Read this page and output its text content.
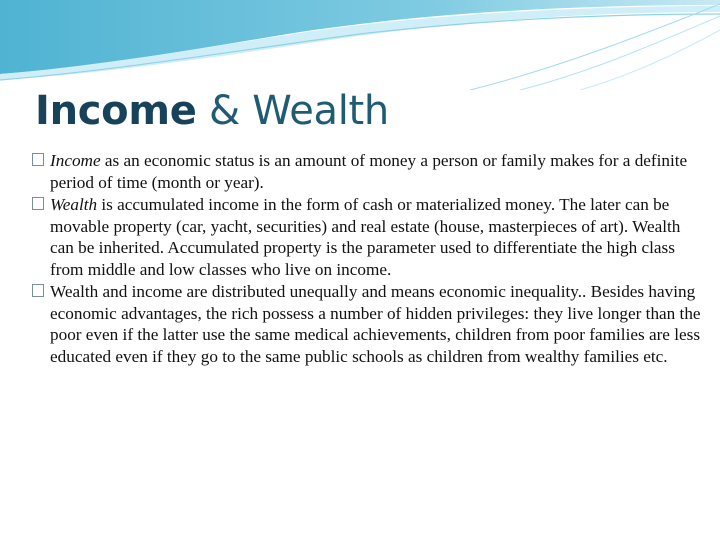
Income & Wealth

Income as an economic status is an amount of money a person or family makes for a definite period of time (month or year).

Wealth is accumulated income in the form of cash or materialized money. The later can be movable property (car, yacht, securities) and real estate (house, masterpieces of art). Wealth can be inherited. Accumulated property is the parameter used to differentiate the high class from middle and low classes who live on income.

Wealth and income are distributed unequally and means economic inequality.. Besides having economic advantages, the rich possess a number of hidden privileges: they live longer than the poor even if the latter use the same medical achievements, children from poor families are less educated even if they go to the same public schools as children from wealthy families etc.
